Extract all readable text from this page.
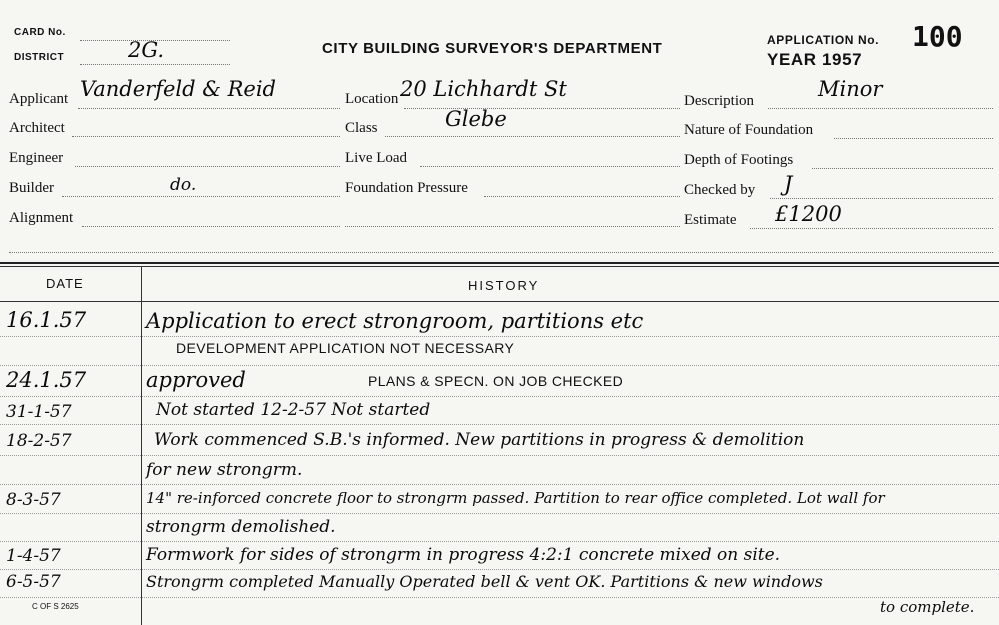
CARD No.
DISTRICT	2G.	CITY BUILDING SURVEYOR'S DEPARTMENT	APPLICATION No. 100
YEAR 1957
Applicant Vanderfeld & Reid
Architect
Engineer
Builder	do.
Alignment
Location 20 Lichhardt St
Class	Glebe
Live Load
Foundation Pressure
Description	Minor
Nature of Foundation
Depth of Footings
Checked by J
Estimate £1200
DATE	HISTORY
16.1.57	Application to erect strongroom, partitions etc
DEVELOPMENT APPLICATION NOT NECESSARY
24.1.57	approved	PLANS & SPECN. ON JOB CHECKED
31-1-57	Not started 12-2-57 Not started
18-2-57	Work commenced S.B.'s informed. New partitions in progress & demolition
for new strongrm.
8-3-57	14" re-inforced concrete floor to strongrm passed. Partition to rear office completed. Lot wall for
strongrm demolished.
1-4-57	Formwork for sides of strongrm in progress 4:2:1 concrete mixed on site.
6-5-57	Strongrm completed Manually Operated bell & vent OK. Partitions & new windows
to complete.
C OF S 2625
